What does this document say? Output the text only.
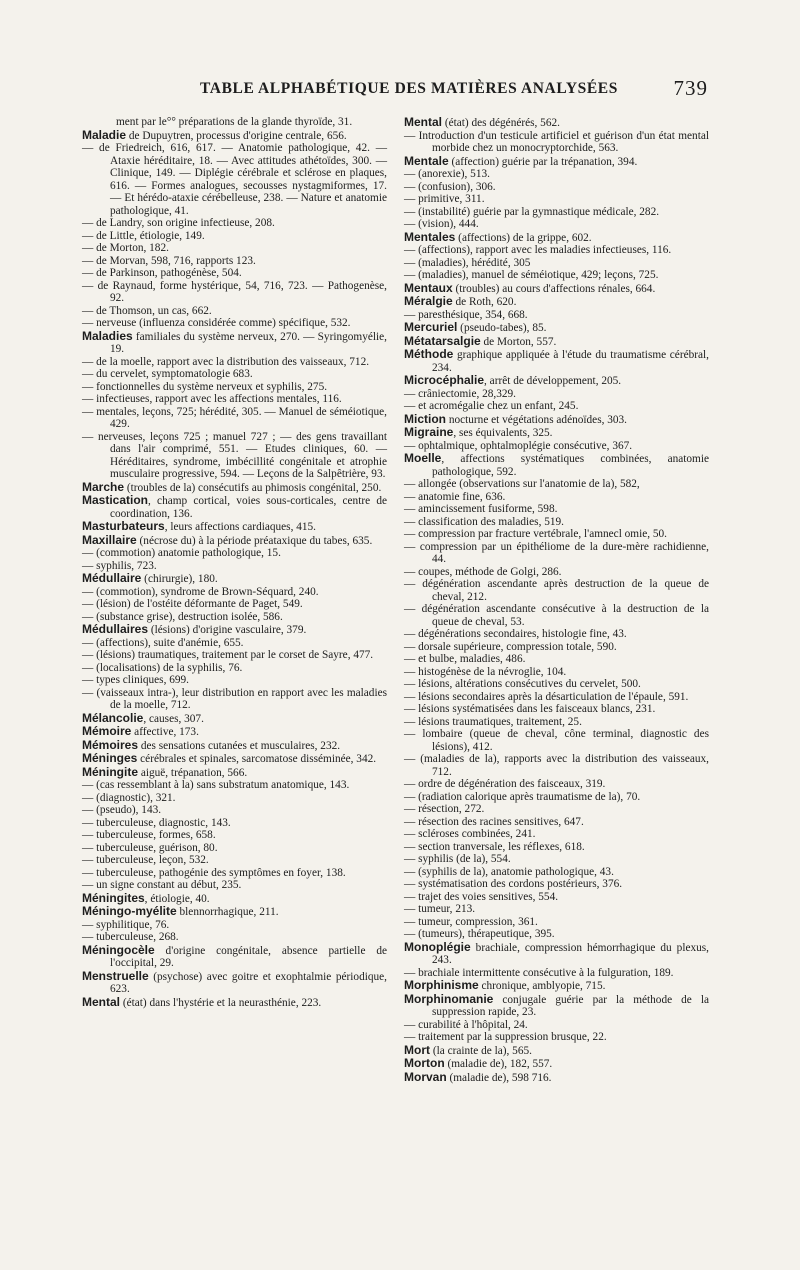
TABLE ALPHABÉTIQUE DES MATIÈRES ANALYSÉES	739

ment par le°° préparations de la glande thyroïde, 31.

Maladie de Dupuytren, processus d'origine centrale, 656.

— de Friedreich, 616, 617. — Anatomie pathologique, 42. — Ataxie héréditaire, 18. — Avec attitudes athétoïdes, 300. — Clinique, 149. — Diplégie cérébrale et sclérose en plaques, 616. — Formes analogues, secousses nystagmiformes, 17. — Et hérédo-ataxie cérébelleuse, 238. — Nature et anatomie pathologique, 41.

— de Landry, son origine infectieuse, 208.

— de Little, étiologie, 149.

— de Morton, 182.

— de Morvan, 598, 716, rapports 123.

— de Parkinson, pathogénèse, 504.

— de Raynaud, forme hystérique, 54, 716, 723. — Pathogenèse, 92.

— de Thomson, un cas, 662.

— nerveuse (influenza considérée comme) spécifique, 532.

Maladies familiales du système nerveux, 270. — Syringomyélie, 19.

— de la moelle, rapport avec la distribution des vaisseaux, 712.

— du cervelet, symptomatologie 683.

— fonctionnelles du système nerveux et syphilis, 275.

— infectieuses, rapport avec les affections mentales, 116.

— mentales, leçons, 725; hérédité, 305. — Manuel de séméiotique, 429.

— nerveuses, leçons 725 ; manuel 727 ; — des gens travaillant dans l'air comprimé, 551. — Etudes cliniques, 60. — Héréditaires, syndrome, imbécillité congénitale et atrophie musculaire progressive, 594. — Leçons de la Salpêtrière, 93.

Marche (troubles de la) consécutifs au phimosis congénital, 250.

Mastication, champ cortical, voies sous-corticales, centre de coordination, 136.

Masturbateurs, leurs affections cardiaques, 415.

Maxillaire (nécrose du) à la période préataxique du tabes, 635.

— (commotion) anatomie pathologique, 15.

— syphilis, 723.

Médullaire (chirurgie), 180.

— (commotion), syndrome de Brown-Séquard, 240.

— (lésion) de l'ostéite déformante de Paget, 549.

— (substance grise), destruction isolée, 586.

Médullaires (lésions) d'origine vasculaire, 379.

— (affections), suite d'anémie, 655.

— (lésions) traumatiques, traitement par le corset de Sayre, 477.

— (localisations) de la syphilis, 76.

— types cliniques, 699.

— (vaisseaux intra-), leur distribution en rapport avec les maladies de la moelle, 712.

Mélancolie, causes, 307.

Mémoire affective, 173.

Mémoires des sensations cutanées et musculaires, 232.

Méninges cérébrales et spinales, sarcomatose disséminée, 342.

Méningite aiguë, trépanation, 566.

— (cas ressemblant à la) sans substratum anatomique, 143.

— (diagnostic), 321.

— (pseudo), 143.

— tuberculeuse, diagnostic, 143.

— tuberculeuse, formes, 658.

— tuberculeuse, guérison, 80.

— tuberculeuse, leçon, 532.

— tuberculeuse, pathogénie des symptômes en foyer, 138.

— un signe constant au début, 235.

Méningites, étiologie, 40.

Méningo-myélite blennorrhagique, 211.

— syphilitique, 76.

— tuberculeuse, 268.

Méningocèle d'origine congénitale, absence partielle de l'occipital, 29.

Menstruelle (psychose) avec goitre et exophtalmie périodique, 623.

Mental (état) dans l'hystérie et la neurasthénie, 223.

Mental (état) des dégénérés, 562.

— Introduction d'un testicule artificiel et guérison d'un état mental morbide chez un monocryptorchide, 563.

Mentale (affection) guérie par la trépanation, 394.

— (anorexie), 513.

— (confusion), 306.

— primitive, 311.

— (instabilité) guérie par la gymnastique médicale, 282.

— (vision), 444.

Mentales (affections) de la grippe, 602.

— (affections), rapport avec les maladies infectieuses, 116.

— (maladies), hérédité, 305

— (maladies), manuel de séméiotique, 429; leçons, 725.

Mentaux (troubles) au cours d'affections rénales, 664.

Méralgie de Roth, 620.

— paresthésique, 354, 668.

Mercuriel (pseudo-tabes), 85.

Métatarsalgie de Morton, 557.

Méthode graphique appliquée à l'étude du traumatisme cérébral, 234.

Microcéphalie, arrêt de développement, 205.

— crâniectomie, 28,329.

— et acromégalie chez un enfant, 245.

Miction nocturne et végétations adénoïdes, 303.

Migraine, ses équivalents, 325.

— ophtalmique, ophtalmoplégie consécutive, 367.

Moelle, affections systématiques combinées, anatomie pathologique, 592.

— allongée (observations sur l'anatomie de la), 582,

— anatomie fine, 636.

— amincissement fusiforme, 598.

— classification des maladies, 519.

— compression par fracture vertébrale, l'amnecl omie, 50.

— compression par un épithéliome de la dure-mère rachidienne, 44.

— coupes, méthode de Golgi, 286.

— dégénération ascendante après destruction de la queue de cheval, 212.

— dégénération ascendante consécutive à la destruction de la queue de cheval, 53.

— dégénérations secondaires, histologie fine, 43.

— dorsale supérieure, compression totale, 590.

— et bulbe, maladies, 486.

— histogénèse de la névroglie, 104.

— lésions, altérations consécutives du cervelet, 500.

— lésions secondaires après la désarticulation de l'épaule, 591.

— lésions systématisées dans les faisceaux blancs, 231.

— lésions traumatiques, traitement, 25.

— lombaire (queue de cheval, cône terminal, diagnostic des lésions), 412.

— (maladies de la), rapports avec la distribution des vaisseaux, 712.

— ordre de dégénération des faisceaux, 319.

— (radiation calorique après traumatisme de la), 70.

— résection, 272.

— résection des racines sensitives, 647.

— scléroses combinées, 241.

— section tranversale, les réflexes, 618.

— syphilis (de la), 554.

— (syphilis de la), anatomie pathologique, 43.

— systématisation des cordons postérieurs, 376.

— trajet des voies sensitives, 554.

— tumeur, 213.

— tumeur, compression, 361.

— (tumeurs), thérapeutique, 395.

Monoplégie brachiale, compression hémorrhagique du plexus, 243.

— brachiale intermittente consécutive à la fulguration, 189.

Morphinisme chronique, amblyopie, 715.

Morphinomanie conjugale guérie par la méthode de la suppression rapide, 23.

— curabilité à l'hôpital, 24.

— traitement par la suppression brusque, 22.

Mort (la crainte de la), 565.

Morton (maladie de), 182, 557.

Morvan (maladie de), 598 716.
